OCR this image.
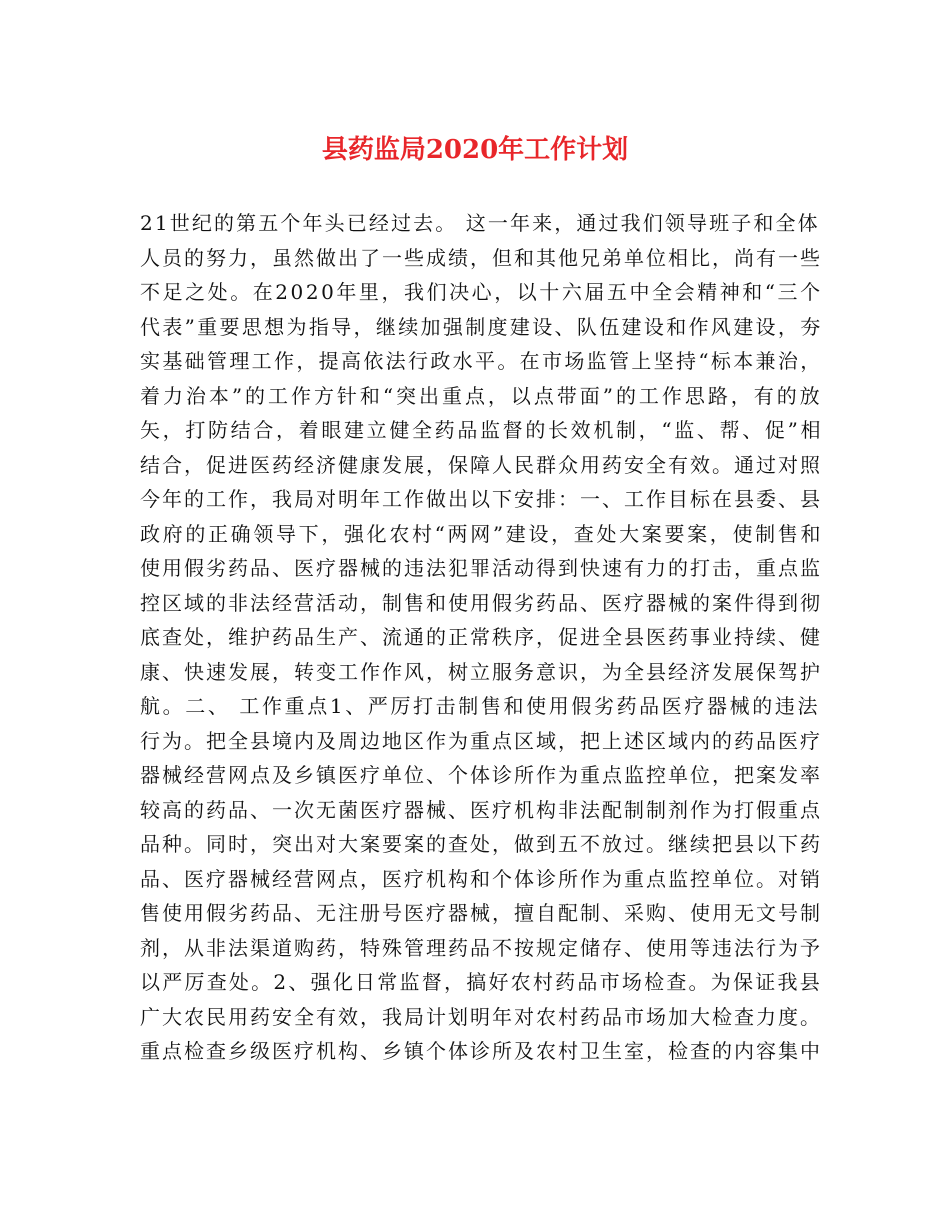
县药监局2020年工作计划
21世纪的第五个年头已经过去。 这一年来，通过我们领导班子和全体
人员的努力，虽然做出了一些成绩，但和其他兄弟单位相比，尚有一些
不足之处。在2020年里，我们决心，以十六届五中全会精神和“三个
代表”重要思想为指导，继续加强制度建设、队伍建设和作风建设，夯
实基础管理工作，提高依法行政水平。在市场监管上坚持“标本兼治，
着力治本”的工作方针和“突出重点，以点带面”的工作思路，有的放
矢，打防结合，着眼建立健全药品监督的长效机制，“监、帮、促”相
结合，促进医药经济健康发展，保障人民群众用药安全有效。通过对照
今年的工作，我局对明年工作做出以下安排：一、工作目标在县委、县
政府的正确领导下，强化农村“两网”建设，查处大案要案，使制售和
使用假劣药品、医疗器械的违法犯罪活动得到快速有力的打击，重点监
控区域的非法经营活动，制售和使用假劣药品、医疗器械的案件得到彻
底查处，维护药品生产、流通的正常秩序，促进全县医药事业持续、健
康、快速发展，转变工作作风，树立服务意识，为全县经济发展保驾护
航。二、 工作重点1、严厉打击制售和使用假劣药品医疗器械的违法
行为。把全县境内及周边地区作为重点区域，把上述区域内的药品医疗
器械经营网点及乡镇医疗单位、个体诊所作为重点监控单位，把案发率
较高的药品、一次无菌医疗器械、医疗机构非法配制制剂作为打假重点
品种。同时，突出对大案要案的查处，做到五不放过。继续把县以下药
品、医疗器械经营网点，医疗机构和个体诊所作为重点监控单位。对销
售使用假劣药品、无注册号医疗器械，擅自配制、采购、使用无文号制
剂，从非法渠道购药，特殊管理药品不按规定储存、使用等违法行为予
以严厉查处。2、强化日常监督，搞好农村药品市场检查。为保证我县
广大农民用药安全有效，我局计划明年对农村药品市场加大检查力度。
重点检查乡级医疗机构、乡镇个体诊所及农村卫生室，检查的内容集中
